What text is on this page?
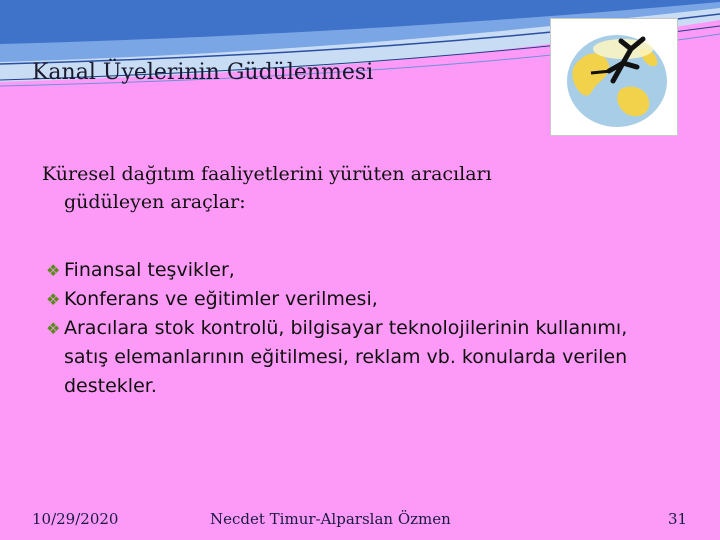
Kanal Üyelerinin Güdülenmesi
Küresel dağıtım faaliyetlerini yürüten aracıları
güdüleyen araçlar:
❖ Finansal teşvikler,
❖ Konferans ve eğitimler verilmesi,
❖ Aracılara stok kontrolü, bilgisayar teknolojilerinin kullanımı, satış elemanlarının eğitilmesi, reklam vb. konularda verilen destekler.
10/29/2020	Necdet Timur-Alparslan Özmen	31
